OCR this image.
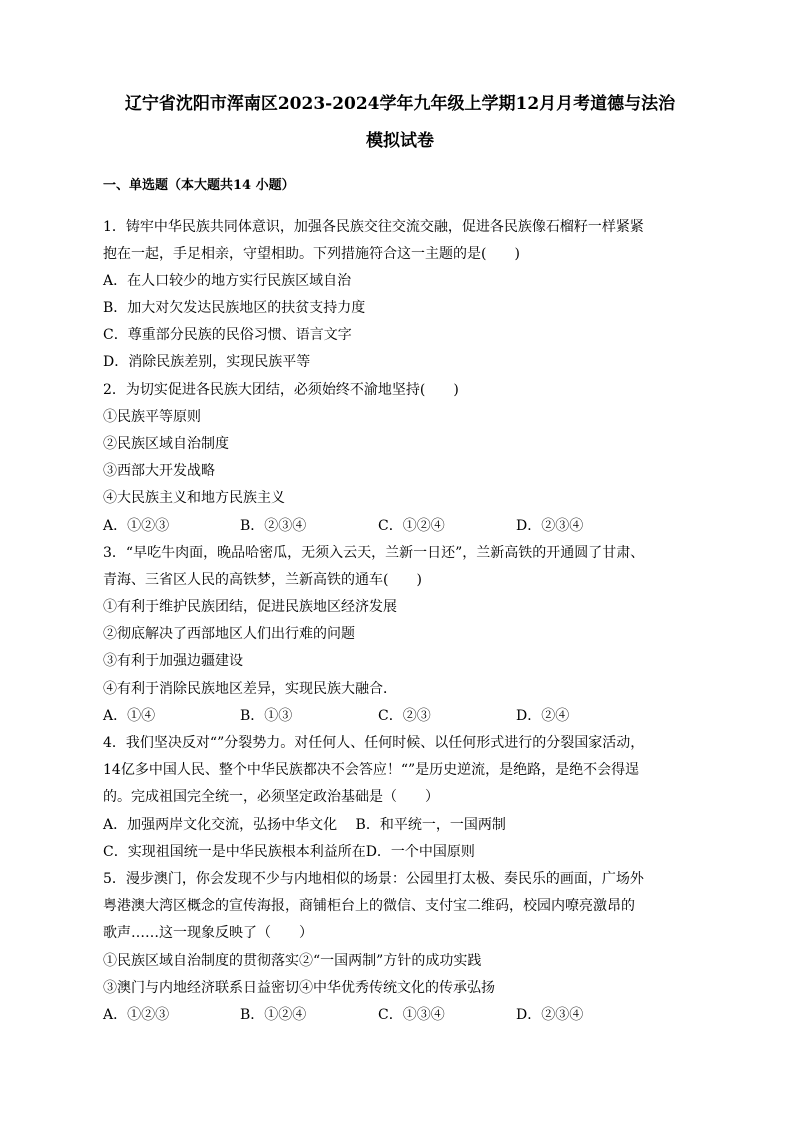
辽宁省沈阳市浑南区2023-2024学年九年级上学期12月月考道德与法治
模拟试卷
一、单选题（本大题共14 小题）
1．铸牢中华民族共同体意识，加强各民族交往交流交融，促进各民族像石榴籽一样紧紧
抱在一起，手足相亲，守望相助。下列措施符合这一主题的是(　　)
A．在人口较少的地方实行民族区域自治
B．加大对欠发达民族地区的扶贫支持力度
C．尊重部分民族的民俗习惯、语言文字
D．消除民族差别，实现民族平等
2．为切实促进各民族大团结，必须始终不渝地坚持(　　)
①民族平等原则
②民族区域自治制度
③西部大开发战略
④大民族主义和地方民族主义
A．①②③	B．②③④	C．①②④	D．②③④
3．“早吃牛肉面，晚品哈密瓜，无须入云天，兰新一日还”，兰新高铁的开通圆了甘肃、
青海、三省区人民的高铁梦，兰新高铁的通车(　　)
①有利于维护民族团结，促进民族地区经济发展
②彻底解决了西部地区人们出行难的问题
③有利于加强边疆建设
④有利于消除民族地区差异，实现民族大融合．
A．①④	B．①③	C．②③	D．②④
4．我们坚决反对“”分裂势力。对任何人、任何时候、以任何形式进行的分裂国家活动，
14亿多中国人民、整个中华民族都决不会答应！“”是历史逆流，是绝路，是绝不会得逞
的。完成祖国完全统一，必须坚定政治基础是（　　）
A．加强两岸文化交流，弘扬中华文化　 B．和平统一，一国两制
C．实现祖国统一是中华民族根本利益所在D．一个中国原则
5．漫步澳门，你会发现不少与内地相似的场景：公园里打太极、奏民乐的画面，广场外
粤港澳大湾区概念的宣传海报，商铺柜台上的微信、支付宝二维码，校园内嘹亮激昂的
歌声……这一现象反映了（　　）
①民族区域自治制度的贯彻落实②“一国两制”方针的成功实践
③澳门与内地经济联系日益密切④中华优秀传统文化的传承弘扬
A．①②③	B．①②④	C．①③④	D．②③④
